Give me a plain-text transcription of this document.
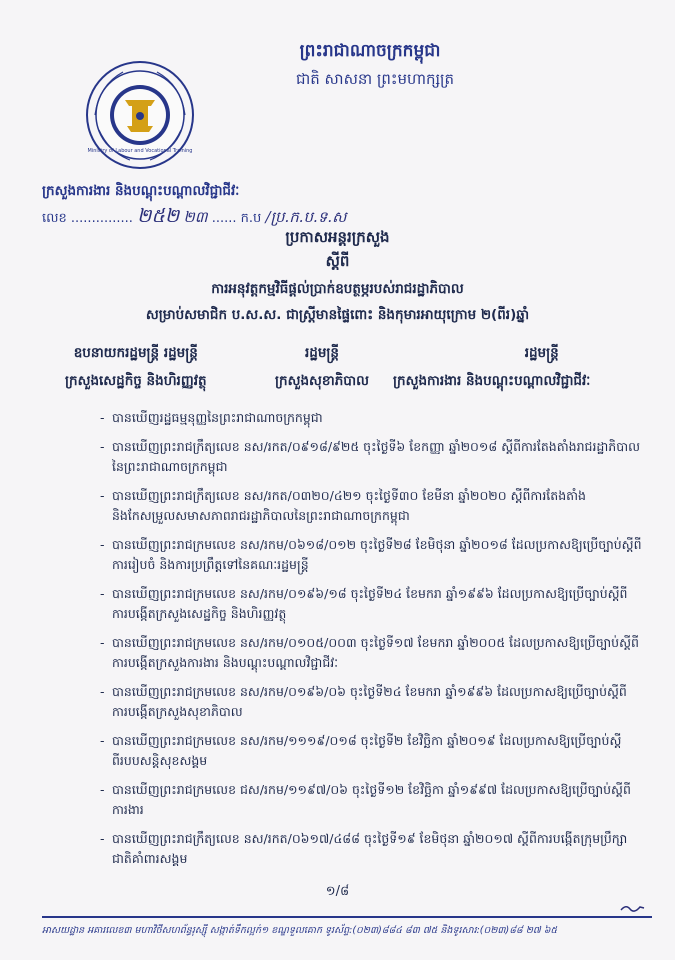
ព្រះរាជាណាចក្រកម្ពុជា
ជាតិ សាសនា ព្រះមហាក្សត្រ
Ministry of Labour and Vocational Training
ក្រសួងការងារ និងបណ្តុះបណ្តាលវិជ្ជាជីវៈ
លេខ ............... ២៥២ ២៣ ...... ក.ប /ប្រ.ក.ប.ទ.ស
ប្រកាសអន្តរក្រសួង
ស្តីពី
ការអនុវត្តកម្មវិធីផ្តល់ប្រាក់ឧបត្ថម្ភរបស់រាជរដ្ឋាភិបាល
សម្រាប់សមាជិក ប.ស.ស. ជាស្ត្រីមានផ្ទៃពោះ និងកុមារអាយុក្រោម ២(ពីរ)ឆ្នាំ
ឧបនាយករដ្ឋមន្ត្រី រដ្ឋមន្ត្រី
ក្រសួងសេដ្ឋកិច្ច និងហិរញ្ញវត្ថុ
រដ្ឋមន្ត្រី
ក្រសួងសុខាភិបាល
រដ្ឋមន្ត្រី
ក្រសួងការងារ និងបណ្តុះបណ្តាលវិជ្ជាជីវៈ
- បានឃើញរដ្ឋធម្មនុញ្ញនៃព្រះរាជាណាចក្រកម្ពុជា
- បានឃើញព្រះរាជក្រឹត្យលេខ នស/រកត/០៩១៨/៩២៥ ចុះថ្ងៃទី៦ ខែកញ្ញា ឆ្នាំ២០១៨ ស្តីពីការតែងតាំងរាជរដ្ឋាភិបាលនៃព្រះរាជាណាចក្រកម្ពុជា
- បានឃើញព្រះរាជក្រឹត្យលេខ នស/រកត/០៣២០/៤២១ ចុះថ្ងៃទី៣០ ខែមីនា ឆ្នាំ២០២០ ស្តីពីការតែងតាំងនិងកែសម្រួលសមាសភាពរាជរដ្ឋាភិបាលនៃព្រះរាជាណាចក្រកម្ពុជា
- បានឃើញព្រះរាជក្រមលេខ នស/រកម/០៦១៨/០១២ ចុះថ្ងៃទី២៨ ខែមិថុនា ឆ្នាំ២០១៨ ដែលប្រកាសឱ្យប្រើច្បាប់ស្តីពីការរៀបចំ និងការប្រព្រឹត្តទៅនៃគណៈរដ្ឋមន្ត្រី
- បានឃើញព្រះរាជក្រមលេខ នស/រកម/០១៩៦/១៨ ចុះថ្ងៃទី២៤ ខែមករា ឆ្នាំ១៩៩៦ ដែលប្រកាសឱ្យប្រើច្បាប់ស្តីពីការបង្កើតក្រសួងសេដ្ឋកិច្ច និងហិរញ្ញវត្ថុ
- បានឃើញព្រះរាជក្រមលេខ នស/រកម/០១០៥/០០៣ ចុះថ្ងៃទី១៧ ខែមករា ឆ្នាំ២០០៥ ដែលប្រកាសឱ្យប្រើច្បាប់ស្តីពីការបង្កើតក្រសួងការងារ និងបណ្តុះបណ្តាលវិជ្ជាជីវៈ
- បានឃើញព្រះរាជក្រមលេខ នស/រកម/០១៩៦/០៦ ចុះថ្ងៃទី២៤ ខែមករា ឆ្នាំ១៩៩៦ ដែលប្រកាសឱ្យប្រើច្បាប់ស្តីពីការបង្កើតក្រសួងសុខាភិបាល
- បានឃើញព្រះរាជក្រមលេខ នស/រកម/១១១៩/០១៨ ចុះថ្ងៃទី២ ខែវិច្ឆិកា ឆ្នាំ២០១៩ ដែលប្រកាសឱ្យប្រើច្បាប់ស្តីពីរបបសន្តិសុខសង្គម
- បានឃើញព្រះរាជក្រមលេខ ជស/រកម/១១៩៧/០៦ ចុះថ្ងៃទី១២ ខែវិច្ឆិកា ឆ្នាំ១៩៩៧ ដែលប្រកាសឱ្យប្រើច្បាប់ស្តីពីការងារ
- បានឃើញព្រះរាជក្រឹត្យលេខ នស/រកត/០៦១៧/៤៨៨ ចុះថ្ងៃទី១៩ ខែមិថុនា ឆ្នាំ២០១៧ ស្តីពីការបង្កើតក្រុមប្រឹក្សាជាតិគាំពារសង្គម
១/៨
អាសយដ្ឋាន អគារលេខ៣ មហាវិថីសហព័ន្ធរុស្ស៊ី សង្កាត់ទឹកល្អក់១ ខណ្ឌទួលគោក ទូរស័ព្ទ:(០២៣)៨៨៤ ៨៣ ៧៥ និងទូរសារ:(០២៣)៨៨ ២៧ ៦៥
